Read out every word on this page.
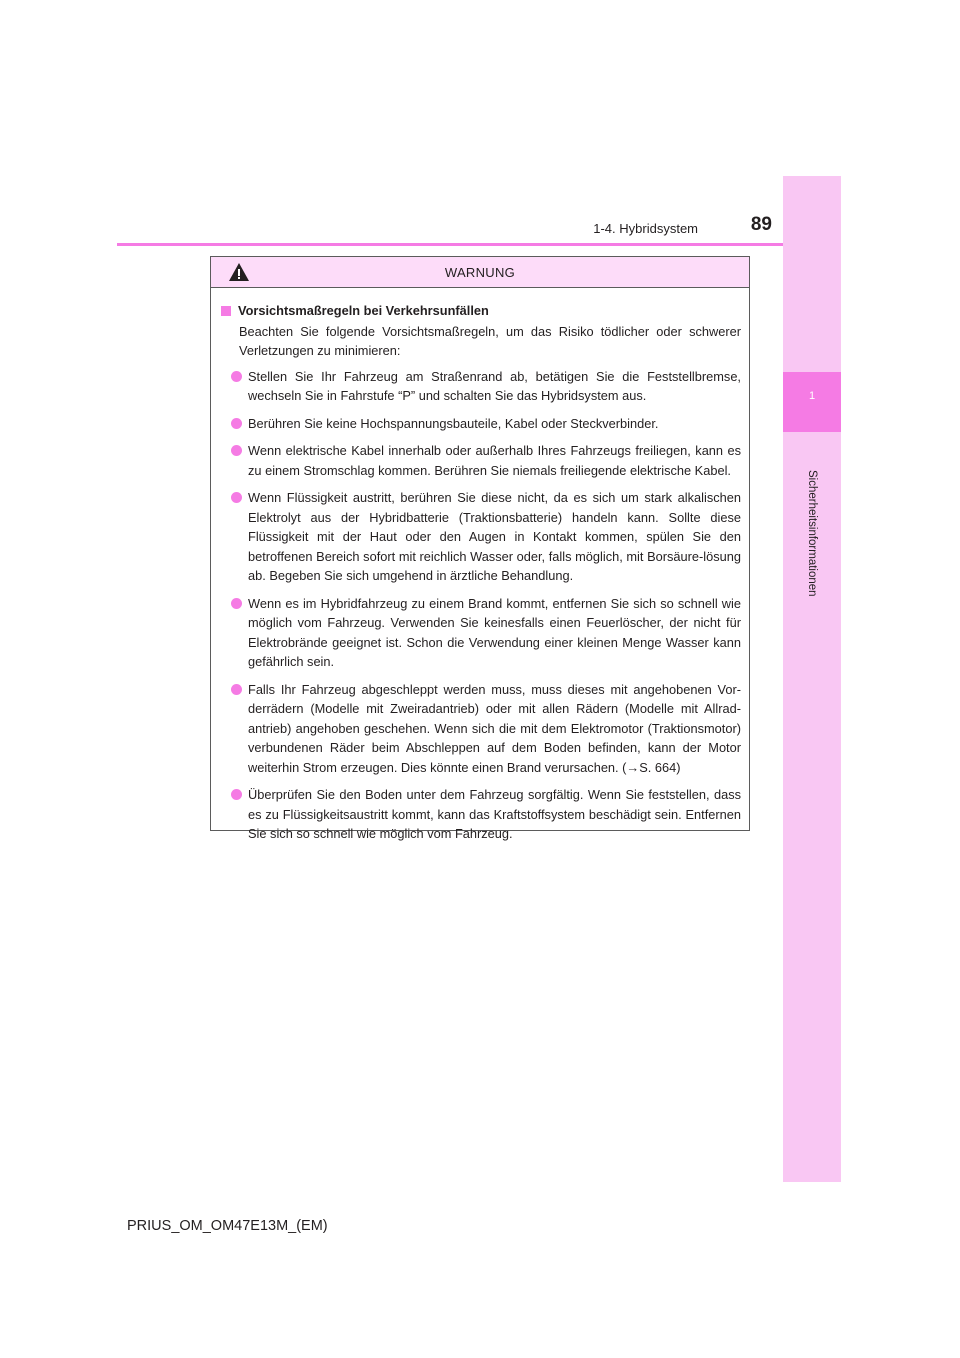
1
Sicherheitsinformationen
1-4. Hybridsystem	89
WARNUNG
Vorsichtsmaßregeln bei Verkehrsunfällen
Beachten Sie folgende Vorsichtsmaßregeln, um das Risiko tödlicher oder schwerer Verletzungen zu minimieren:
Stellen Sie Ihr Fahrzeug am Straßenrand ab, betätigen Sie die Feststellbremse, wechseln Sie in Fahrstufe “P” und schalten Sie das Hybridsystem aus.
Berühren Sie keine Hochspannungsbauteile, Kabel oder Steckverbinder.
Wenn elektrische Kabel innerhalb oder außerhalb Ihres Fahrzeugs freiliegen, kann es zu einem Stromschlag kommen. Berühren Sie niemals freiliegende elektrische Kabel.
Wenn Flüssigkeit austritt, berühren Sie diese nicht, da es sich um stark alkalischen Elektrolyt aus der Hybridbatterie (Traktionsbatterie) handeln kann. Sollte diese Flüssigkeit mit der Haut oder den Augen in Kontakt kommen, spülen Sie den betroffenen Bereich sofort mit reichlich Wasser oder, falls möglich, mit Borsäure-lösung ab. Begeben Sie sich umgehend in ärztliche Behandlung.
Wenn es im Hybridfahrzeug zu einem Brand kommt, entfernen Sie sich so schnell wie möglich vom Fahrzeug. Verwenden Sie keinesfalls einen Feuerlöscher, der nicht für Elektrobrände geeignet ist. Schon die Verwendung einer kleinen Menge Wasser kann gefährlich sein.
Falls Ihr Fahrzeug abgeschleppt werden muss, muss dieses mit angehobenen Vor-derrädern (Modelle mit Zweiradantrieb) oder mit allen Rädern (Modelle mit Allrad-antrieb) angehoben geschehen. Wenn sich die mit dem Elektromotor (Traktionsmotor) verbundenen Räder beim Abschleppen auf dem Boden befinden, kann der Motor weiterhin Strom erzeugen. Dies könnte einen Brand verursachen. (→S. 664)
Überprüfen Sie den Boden unter dem Fahrzeug sorgfältig. Wenn Sie feststellen, dass es zu Flüssigkeitsaustritt kommt, kann das Kraftstoffsystem beschädigt sein. Entfernen Sie sich so schnell wie möglich vom Fahrzeug.
PRIUS_OM_OM47E13M_(EM)
